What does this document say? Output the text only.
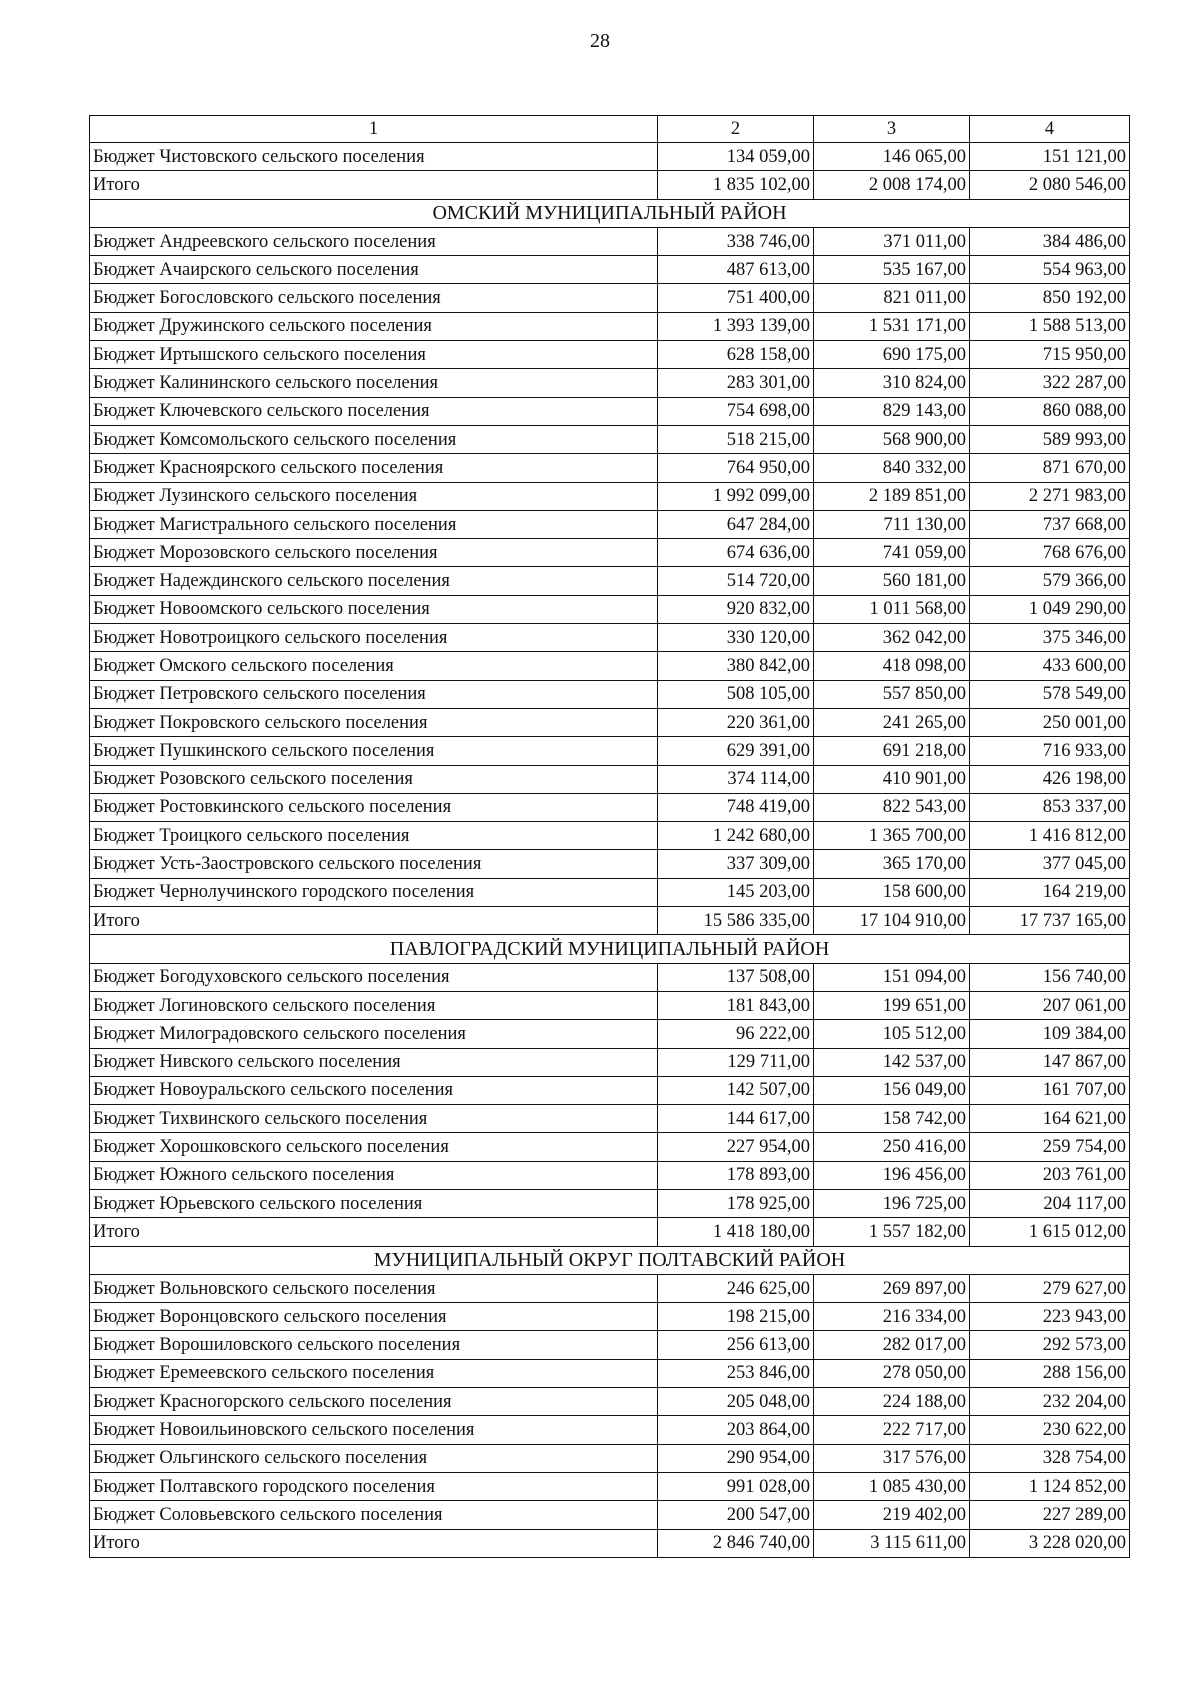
28
1	2	3	4
Бюджет Чистовского сельского поселения	134 059,00	146 065,00	151 121,00
Итого	1 835 102,00	2 008 174,00	2 080 546,00
ОМСКИЙ МУНИЦИПАЛЬНЫЙ РАЙОН			
Бюджет Андреевского сельского поселения	338 746,00	371 011,00	384 486,00
Бюджет Ачаирского сельского поселения	487 613,00	535 167,00	554 963,00
Бюджет Богословского сельского поселения	751 400,00	821 011,00	850 192,00
Бюджет Дружинского сельского поселения	1 393 139,00	1 531 171,00	1 588 513,00
Бюджет Иртышского сельского поселения	628 158,00	690 175,00	715 950,00
Бюджет Калининского сельского поселения	283 301,00	310 824,00	322 287,00
Бюджет Ключевского сельского поселения	754 698,00	829 143,00	860 088,00
Бюджет Комсомольского сельского поселения	518 215,00	568 900,00	589 993,00
Бюджет Красноярского сельского поселения	764 950,00	840 332,00	871 670,00
Бюджет Лузинского сельского поселения	1 992 099,00	2 189 851,00	2 271 983,00
Бюджет Магистрального сельского поселения	647 284,00	711 130,00	737 668,00
Бюджет Морозовского сельского поселения	674 636,00	741 059,00	768 676,00
Бюджет Надеждинского сельского поселения	514 720,00	560 181,00	579 366,00
Бюджет Новоомского сельского поселения	920 832,00	1 011 568,00	1 049 290,00
Бюджет Новотроицкого сельского поселения	330 120,00	362 042,00	375 346,00
Бюджет Омского сельского поселения	380 842,00	418 098,00	433 600,00
Бюджет Петровского сельского поселения	508 105,00	557 850,00	578 549,00
Бюджет Покровского сельского поселения	220 361,00	241 265,00	250 001,00
Бюджет Пушкинского сельского поселения	629 391,00	691 218,00	716 933,00
Бюджет Розовского сельского поселения	374 114,00	410 901,00	426 198,00
Бюджет Ростовкинского сельского поселения	748 419,00	822 543,00	853 337,00
Бюджет Троицкого сельского поселения	1 242 680,00	1 365 700,00	1 416 812,00
Бюджет Усть-Заостровского сельского поселения	337 309,00	365 170,00	377 045,00
Бюджет Чернолучинского городского поселения	145 203,00	158 600,00	164 219,00
Итого	15 586 335,00	17 104 910,00	17 737 165,00
ПАВЛОГРАДСКИЙ МУНИЦИПАЛЬНЫЙ РАЙОН			
Бюджет Богодуховского сельского поселения	137 508,00	151 094,00	156 740,00
Бюджет Логиновского сельского поселения	181 843,00	199 651,00	207 061,00
Бюджет Милоградовского сельского поселения	96 222,00	105 512,00	109 384,00
Бюджет Нивского сельского поселения	129 711,00	142 537,00	147 867,00
Бюджет Новоуральского сельского поселения	142 507,00	156 049,00	161 707,00
Бюджет Тихвинского сельского поселения	144 617,00	158 742,00	164 621,00
Бюджет Хорошковского сельского поселения	227 954,00	250 416,00	259 754,00
Бюджет Южного сельского поселения	178 893,00	196 456,00	203 761,00
Бюджет Юрьевского сельского поселения	178 925,00	196 725,00	204 117,00
Итого	1 418 180,00	1 557 182,00	1 615 012,00
МУНИЦИПАЛЬНЫЙ ОКРУГ ПОЛТАВСКИЙ РАЙОН			
Бюджет Вольновского сельского поселения	246 625,00	269 897,00	279 627,00
Бюджет Воронцовского сельского поселения	198 215,00	216 334,00	223 943,00
Бюджет Ворошиловского сельского поселения	256 613,00	282 017,00	292 573,00
Бюджет Еремеевского сельского поселения	253 846,00	278 050,00	288 156,00
Бюджет Красногорского сельского поселения	205 048,00	224 188,00	232 204,00
Бюджет Новоильиновского сельского поселения	203 864,00	222 717,00	230 622,00
Бюджет Ольгинского сельского поселения	290 954,00	317 576,00	328 754,00
Бюджет Полтавского городского поселения	991 028,00	1 085 430,00	1 124 852,00
Бюджет Соловьевского сельского поселения	200 547,00	219 402,00	227 289,00
Итого	2 846 740,00	3 115 611,00	3 228 020,00
